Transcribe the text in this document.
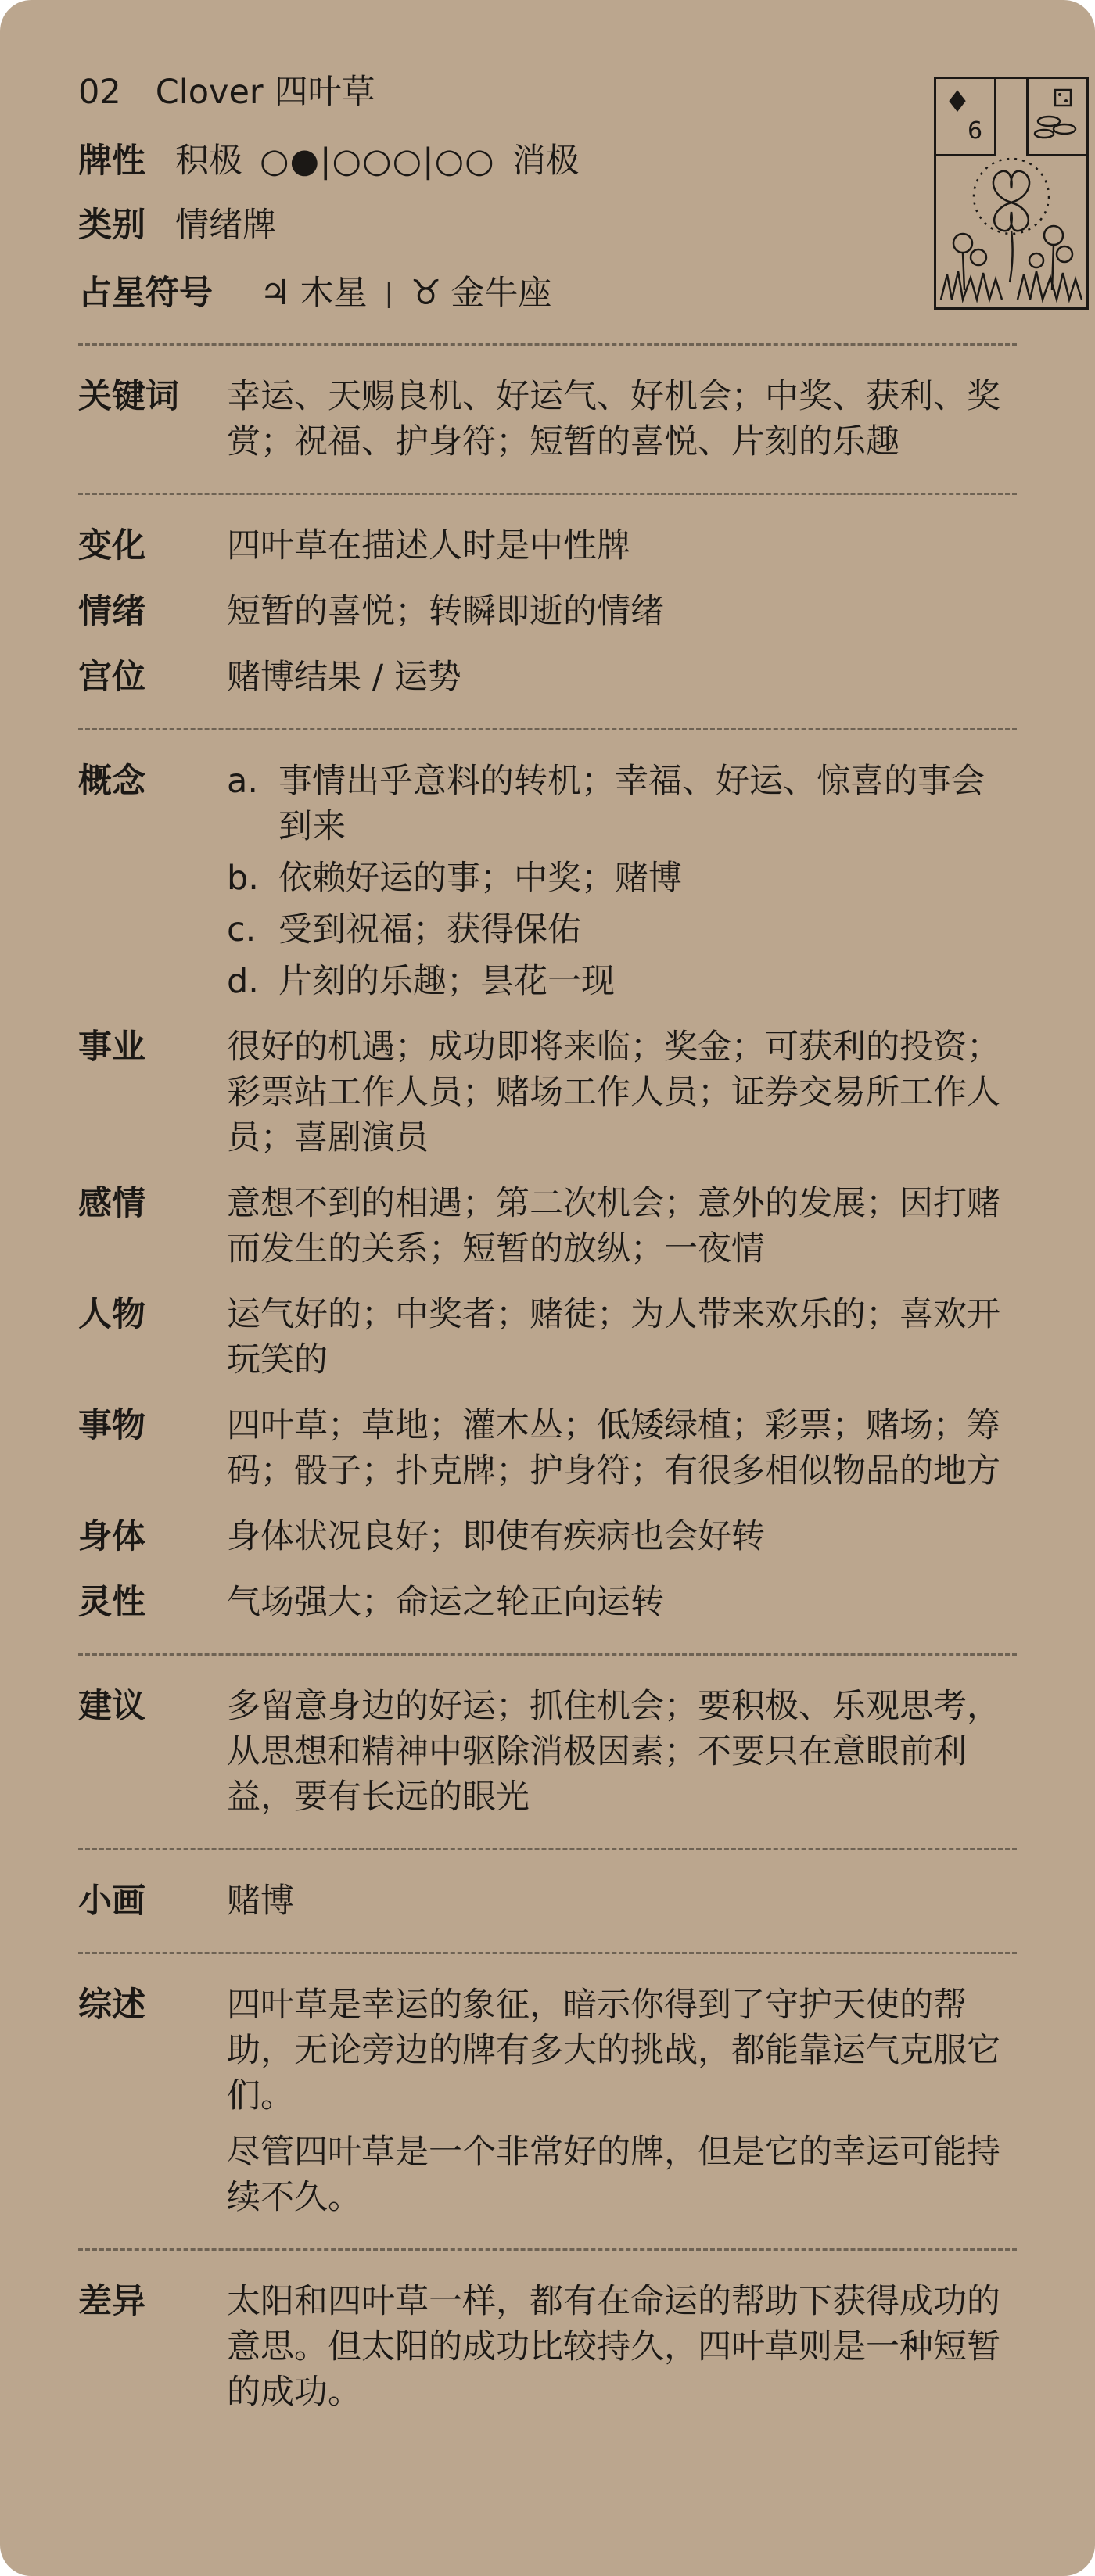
02 Clover 四叶草
牌性 积极 ○●|○○○|○○ 消极
类别 情绪牌
占星符号 ♃ 木星 | ♉ 金牛座
♦
6
关键词	幸运、天赐良机、好运气、好机会；中奖、获利、奖赏；祝福、护身符；短暂的喜悦、片刻的乐趣
变化	四叶草在描述人时是中性牌
情绪	短暂的喜悦；转瞬即逝的情绪
宫位	赌博结果 / 运势
概念	a. 事情出乎意料的转机；幸福、好运、惊喜的事会到来
b. 依赖好运的事；中奖；赌博
c. 受到祝福；获得保佑
d. 片刻的乐趣；昙花一现
事业	很好的机遇；成功即将来临；奖金；可获利的投资；彩票站工作人员；赌场工作人员；证券交易所工作人员；喜剧演员
感情	意想不到的相遇；第二次机会；意外的发展；因打赌而发生的关系；短暂的放纵；一夜情
人物	运气好的；中奖者；赌徒；为人带来欢乐的；喜欢开玩笑的
事物	四叶草；草地；灌木丛；低矮绿植；彩票；赌场；筹码；骰子；扑克牌；护身符；有很多相似物品的地方
身体	身体状况良好；即使有疾病也会好转
灵性	气场强大；命运之轮正向运转
建议	多留意身边的好运；抓住机会；要积极、乐观思考，从思想和精神中驱除消极因素；不要只在意眼前利益，要有长远的眼光
小画	赌博
综述	四叶草是幸运的象征，暗示你得到了守护天使的帮助，无论旁边的牌有多大的挑战，都能靠运气克服它们。
尽管四叶草是一个非常好的牌，但是它的幸运可能持续不久。
差异	太阳和四叶草一样，都有在命运的帮助下获得成功的意思。但太阳的成功比较持久，四叶草则是一种短暂的成功。
